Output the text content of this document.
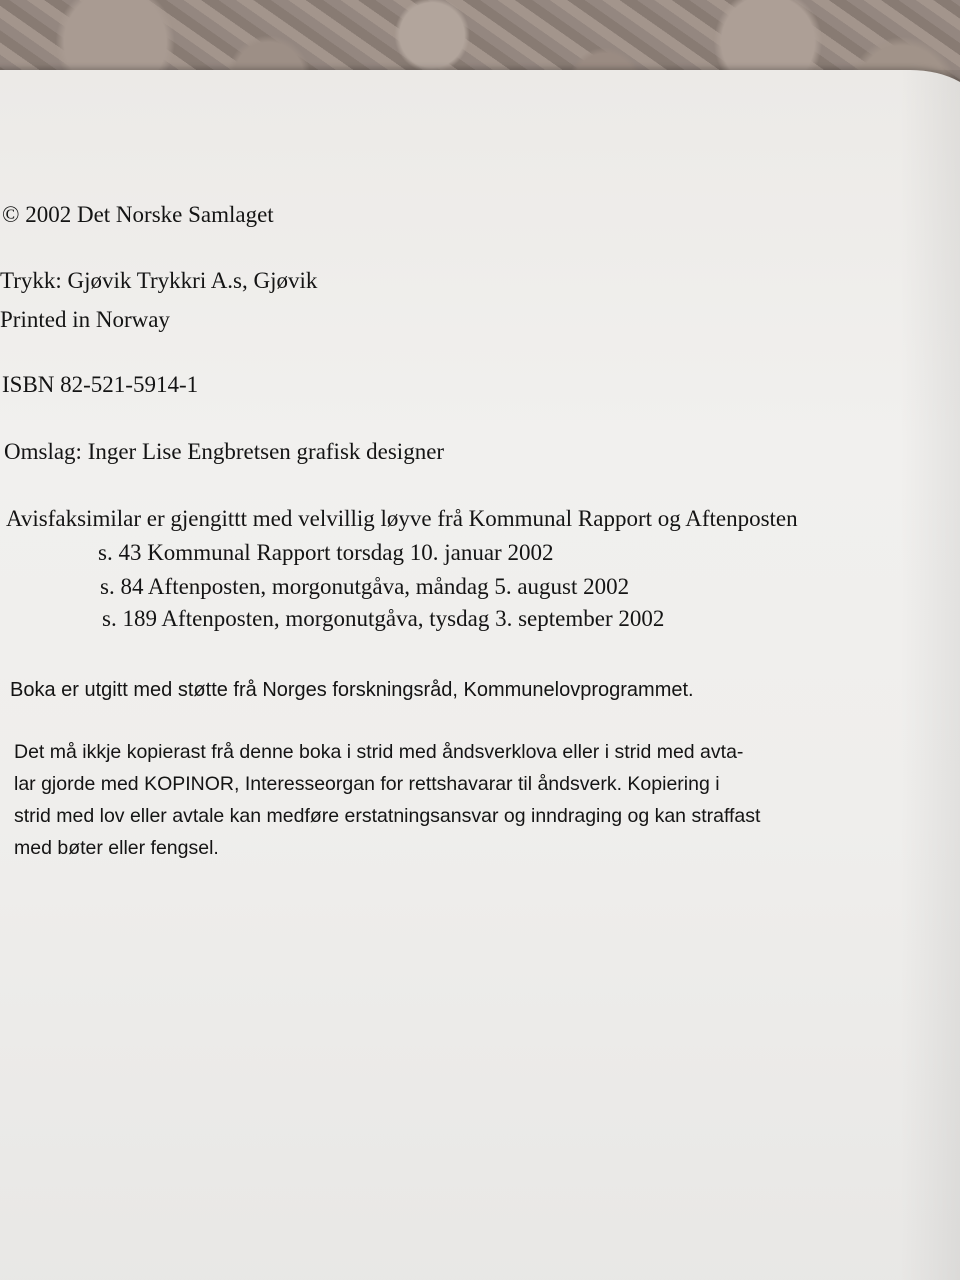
© 2002 Det Norske Samlaget
Trykk: Gjøvik Trykkri A.s, Gjøvik
Printed in Norway
ISBN 82-521-5914-1
Omslag: Inger Lise Engbretsen grafisk designer
Avisfaksimilar er gjengittt med velvillig løyve frå Kommunal Rapport og Aftenposten
s. 43 Kommunal Rapport torsdag 10. januar 2002
s. 84 Aftenposten, morgonutgåva, måndag 5. august 2002
s. 189 Aftenposten, morgonutgåva, tysdag 3. september 2002
Boka er utgitt med støtte frå Norges forskningsråd, Kommunelovprogrammet.
Det må ikkje kopierast frå denne boka i strid med åndsverklova eller i strid med avta-
lar gjorde med KOPINOR, Interesseorgan for rettshavarar til åndsverk. Kopiering i
strid med lov eller avtale kan medføre erstatningsansvar og inndraging og kan straffast
med bøter eller fengsel.
